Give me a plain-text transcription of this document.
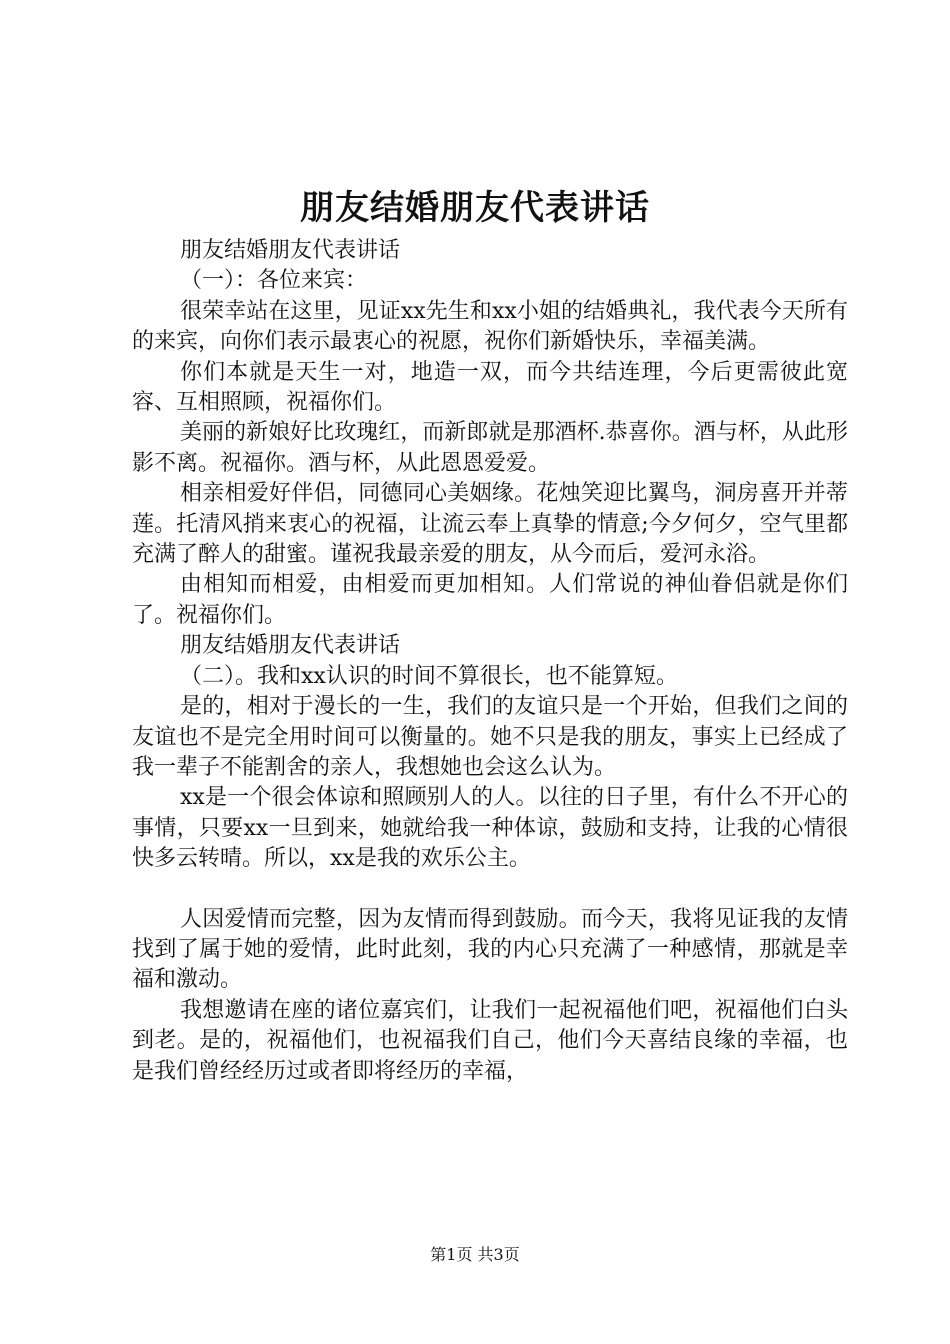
朋友结婚朋友代表讲话

朋友结婚朋友代表讲话

（一）：各位来宾：

很荣幸站在这里，见证xx先生和xx小姐的结婚典礼，我代表今天所有的来宾，向你们表示最衷心的祝愿，祝你们新婚快乐，幸福美满。

你们本就是天生一对，地造一双，而今共结连理，今后更需彼此宽容、互相照顾，祝福你们。

美丽的新娘好比玫瑰红，而新郎就是那酒杯.恭喜你。酒与杯，从此形影不离。祝福你。酒与杯，从此恩恩爱爱。

相亲相爱好伴侣，同德同心美姻缘。花烛笑迎比翼鸟，洞房喜开并蒂莲。托清风捎来衷心的祝福，让流云奉上真挚的情意;今夕何夕，空气里都充满了醉人的甜蜜。谨祝我最亲爱的朋友，从今而后，爱河永浴。

由相知而相爱，由相爱而更加相知。人们常说的神仙眷侣就是你们了。祝福你们。

朋友结婚朋友代表讲话

（二）。我和xx认识的时间不算很长，也不能算短。

是的，相对于漫长的一生，我们的友谊只是一个开始，但我们之间的友谊也不是完全用时间可以衡量的。她不只是我的朋友，事实上已经成了我一辈子不能割舍的亲人，我想她也会这么认为。

xx是一个很会体谅和照顾别人的人。以往的日子里，有什么不开心的事情，只要xx一旦到来，她就给我一种体谅，鼓励和支持，让我的心情很快多云转晴。所以，xx是我的欢乐公主。

人因爱情而完整，因为友情而得到鼓励。而今天，我将见证我的友情找到了属于她的爱情，此时此刻，我的内心只充满了一种感情，那就是幸福和激动。

我想邀请在座的诸位嘉宾们，让我们一起祝福他们吧，祝福他们白头到老。是的，祝福他们，也祝福我们自己，他们今天喜结良缘的幸福，也是我们曾经经历过或者即将经历的幸福，

第1页 共3页
